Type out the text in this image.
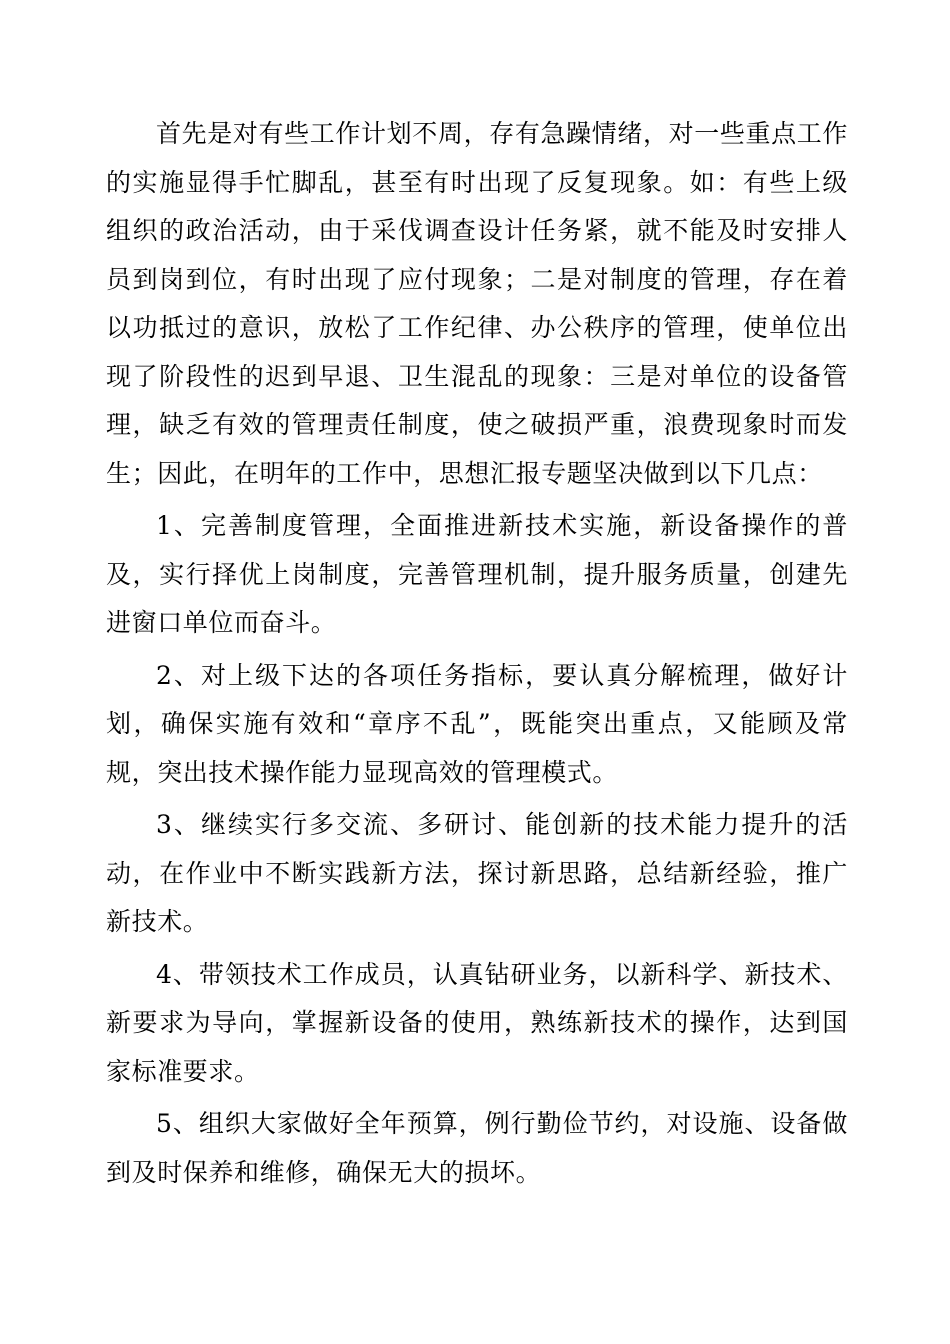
首先是对有些工作计划不周，存有急躁情绪，对一些重点工作的实施显得手忙脚乱，甚至有时出现了反复现象。如：有些上级组织的政治活动，由于采伐调查设计任务紧，就不能及时安排人员到岗到位，有时出现了应付现象；二是对制度的管理，存在着以功抵过的意识，放松了工作纪律、办公秩序的管理，使单位出现了阶段性的迟到早退、卫生混乱的现象：三是对单位的设备管理，缺乏有效的管理责任制度，使之破损严重，浪费现象时而发生；因此，在明年的工作中，思想汇报专题坚决做到以下几点：

1、完善制度管理，全面推进新技术实施，新设备操作的普及，实行择优上岗制度，完善管理机制，提升服务质量，创建先进窗口单位而奋斗。

2、对上级下达的各项任务指标，要认真分解梳理，做好计划，确保实施有效和“章序不乱”，既能突出重点，又能顾及常规，突出技术操作能力显现高效的管理模式。

3、继续实行多交流、多研讨、能创新的技术能力提升的活动，在作业中不断实践新方法，探讨新思路，总结新经验，推广新技术。

4、带领技术工作成员，认真钻研业务，以新科学、新技术、新要求为导向，掌握新设备的使用，熟练新技术的操作，达到国家标准要求。

5、组织大家做好全年预算，例行勤俭节约，对设施、设备做到及时保养和维修，确保无大的损坏。
